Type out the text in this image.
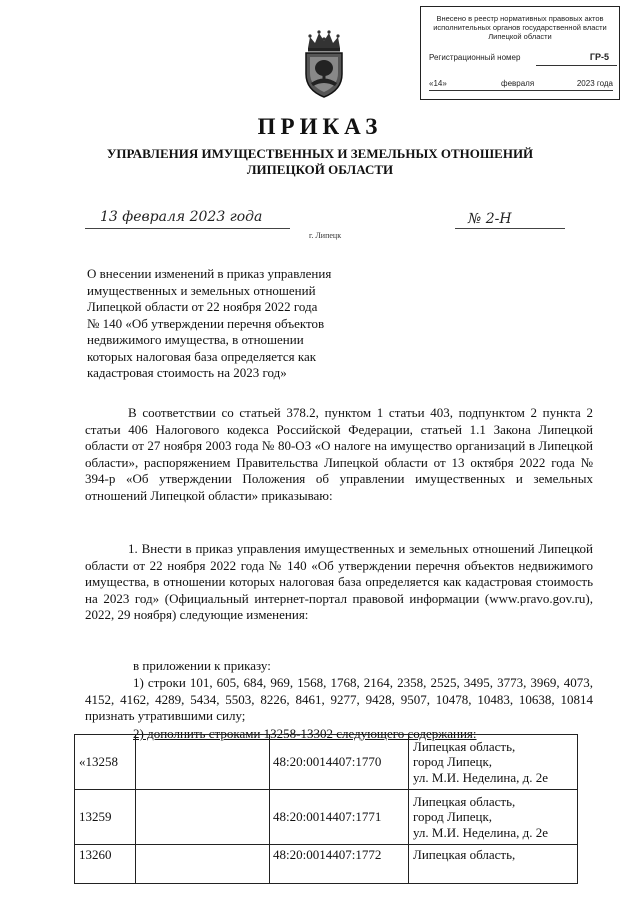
Внесено в реестр нормативных правовых актов исполнительных органов государственной власти Липецкой области
Регистрационный номер	ГР-5
«14»	февраля	2023 года

ПРИКАЗ
УПРАВЛЕНИЯ ИМУЩЕСТВЕННЫХ И ЗЕМЕЛЬНЫХ ОТНОШЕНИЙ
ЛИПЕЦКОЙ ОБЛАСТИ
13 февраля 2023 года	№ 2-Н
г. Липецк
О внесении изменений в приказ управления
имущественных и земельных отношений
Липецкой области от 22 ноября 2022 года
№ 140 «Об утверждении перечня объектов
недвижимого имущества, в отношении
которых налоговая база определяется как
кадастровая стоимость на 2023 год»
В соответствии со статьей 378.2, пунктом 1 статьи 403, подпунктом 2 пункта 2 статьи 406 Налогового кодекса Российской Федерации, статьей 1.1 Закона Липецкой области от 27 ноября 2003 года № 80-ОЗ «О налоге на имущество организаций в Липецкой области», распоряжением Правительства Липецкой области от 13 октября 2022 года № 394-р «Об утверждении Положения об управлении имущественных и земельных отношений Липецкой области» приказываю:
1. Внести в приказ управления имущественных и земельных отношений Липецкой области от 22 ноября 2022 года № 140 «Об утверждении перечня объектов недвижимого имущества, в отношении которых налоговая база определяется как кадастровая стоимость на 2023 год» (Официальный интернет-портал правовой информации (www.pravo.gov.ru), 2022, 29 ноября) следующие изменения:
в приложении к приказу:
1) строки 101, 605, 684, 969, 1568, 1768, 2164, 2358, 2525, 3495, 3773, 3969, 4073, 4152, 4162, 4289, 5434, 5503, 8226, 8461, 9277, 9428, 9507, 10478, 10483, 10638, 10814 признать утратившими силу;
2) дополнить строками 13258-13302 следующего содержания:
«13258		48:20:0014407:1770	Липецкая область,
город Липецк,
ул. М.И. Неделина, д. 2е

13259		48:20:0014407:1771	Липецкая область,
город Липецк,
ул. М.И. Неделина, д. 2е

13260		48:20:0014407:1772	Липецкая область,
